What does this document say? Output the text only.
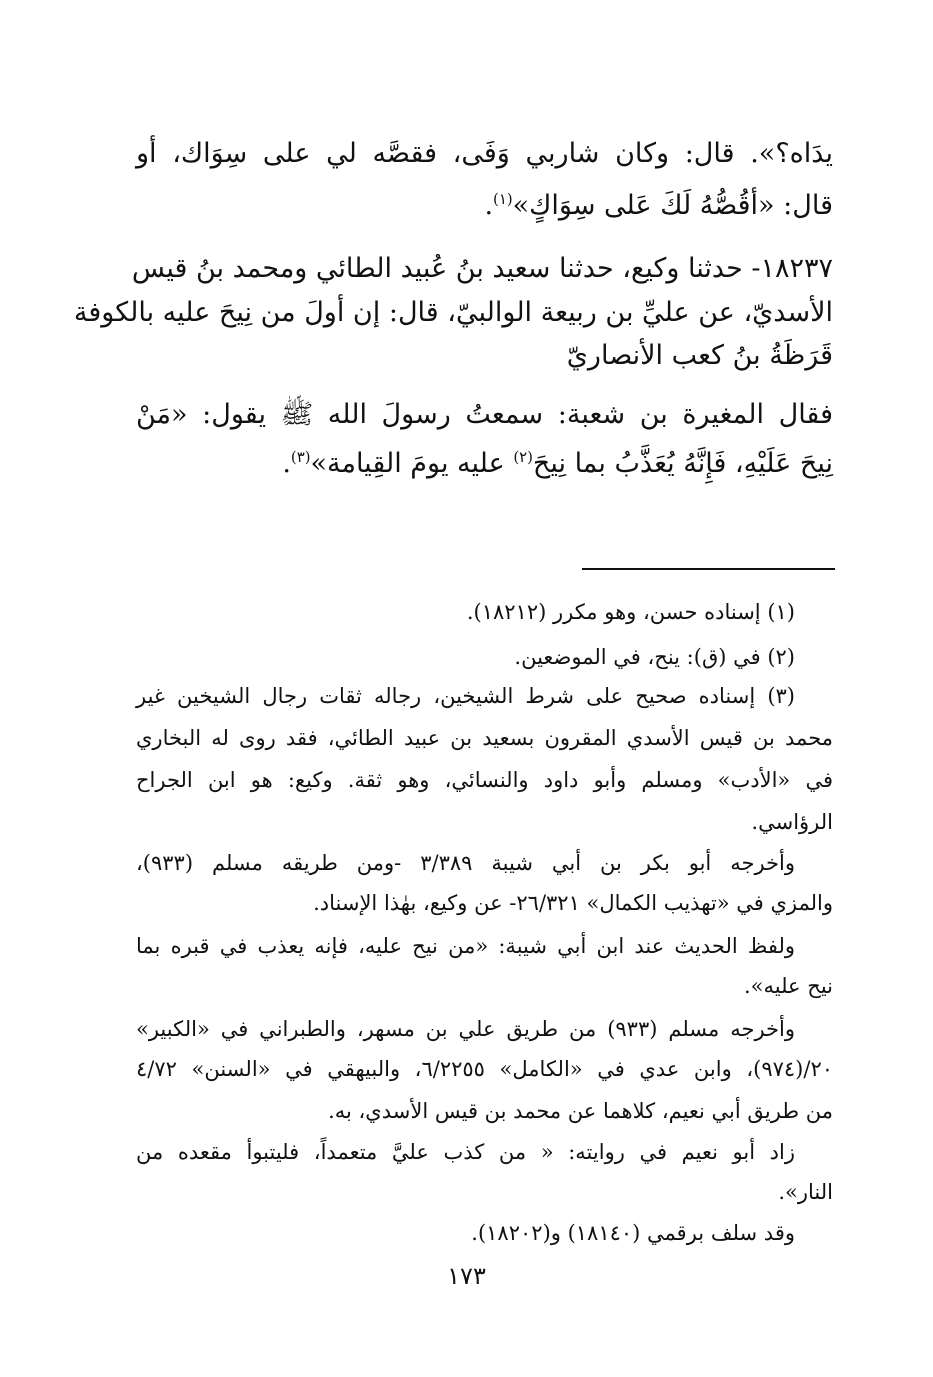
يدَاه؟». قال: وكان شاربي وَفَى، فقصَّه لي على سِوَاك، أو
قال: «أقُصُّهُ لَكَ عَلى سِوَاكٍ»$^{(١)}$.
١٨٢٣٧- حدثنا وكيع، حدثنا سعيد بنُ عُبيد الطائي ومحمد بنُ قيس
الأسديّ، عن عليِّ بن ربيعة الوالبيّ، قال: إن أولَ من نِيحَ عليه بالكوفة
قَرَظَةُ بنُ كعب الأنصاريّ
فقال المغيرة بن شعبة: سمعتُ رسولَ الله ﷺ يقول: «مَنْ
نِيحَ عَلَيْهِ، فَإِنَّهُ يُعَذَّبُ بما نِيحَ$^{(٢)}$ عليه يومَ القِيامة»$^{(٣)}$.
(١) إسناده حسن، وهو مكرر (١٨٢١٢).
(٢) في (ق): ينح، في الموضعين.
(٣) إسناده صحيح على شرط الشيخين، رجاله ثقات رجال الشيخين غير
محمد بن قيس الأسدي المقرون بسعيد بن عبيد الطائي، فقد روى له البخاري
في «الأدب» ومسلم وأبو داود والنسائي، وهو ثقة. وكيع: هو ابن الجراح
الرؤاسي.
وأخرجه أبو بكر بن أبي شيبة ٣/٣٨٩ -ومن طريقه مسلم (٩٣٣)،
والمزي في «تهذيب الكمال» ٢٦/٣٢١- عن وكيع، بهٰذا الإسناد.
ولفظ الحديث عند ابن أبي شيبة: «من نيح عليه، فإنه يعذب في قبره بما
نيح عليه».
وأخرجه مسلم (٩٣٣) من طريق علي بن مسهر، والطبراني في «الكبير»
٢٠/(٩٧٤)، وابن عدي في «الكامل» ٦/٢٢٥٥، والبيهقي في «السنن» ٤/٧٢
من طريق أبي نعيم، كلاهما عن محمد بن قيس الأسدي، به.
زاد أبو نعيم في روايته: « من كذب عليَّ متعمداً، فليتبوأ مقعده من
النار».
وقد سلف برقمي (١٨١٤٠) و(١٨٢٠٢).
١٧٣
